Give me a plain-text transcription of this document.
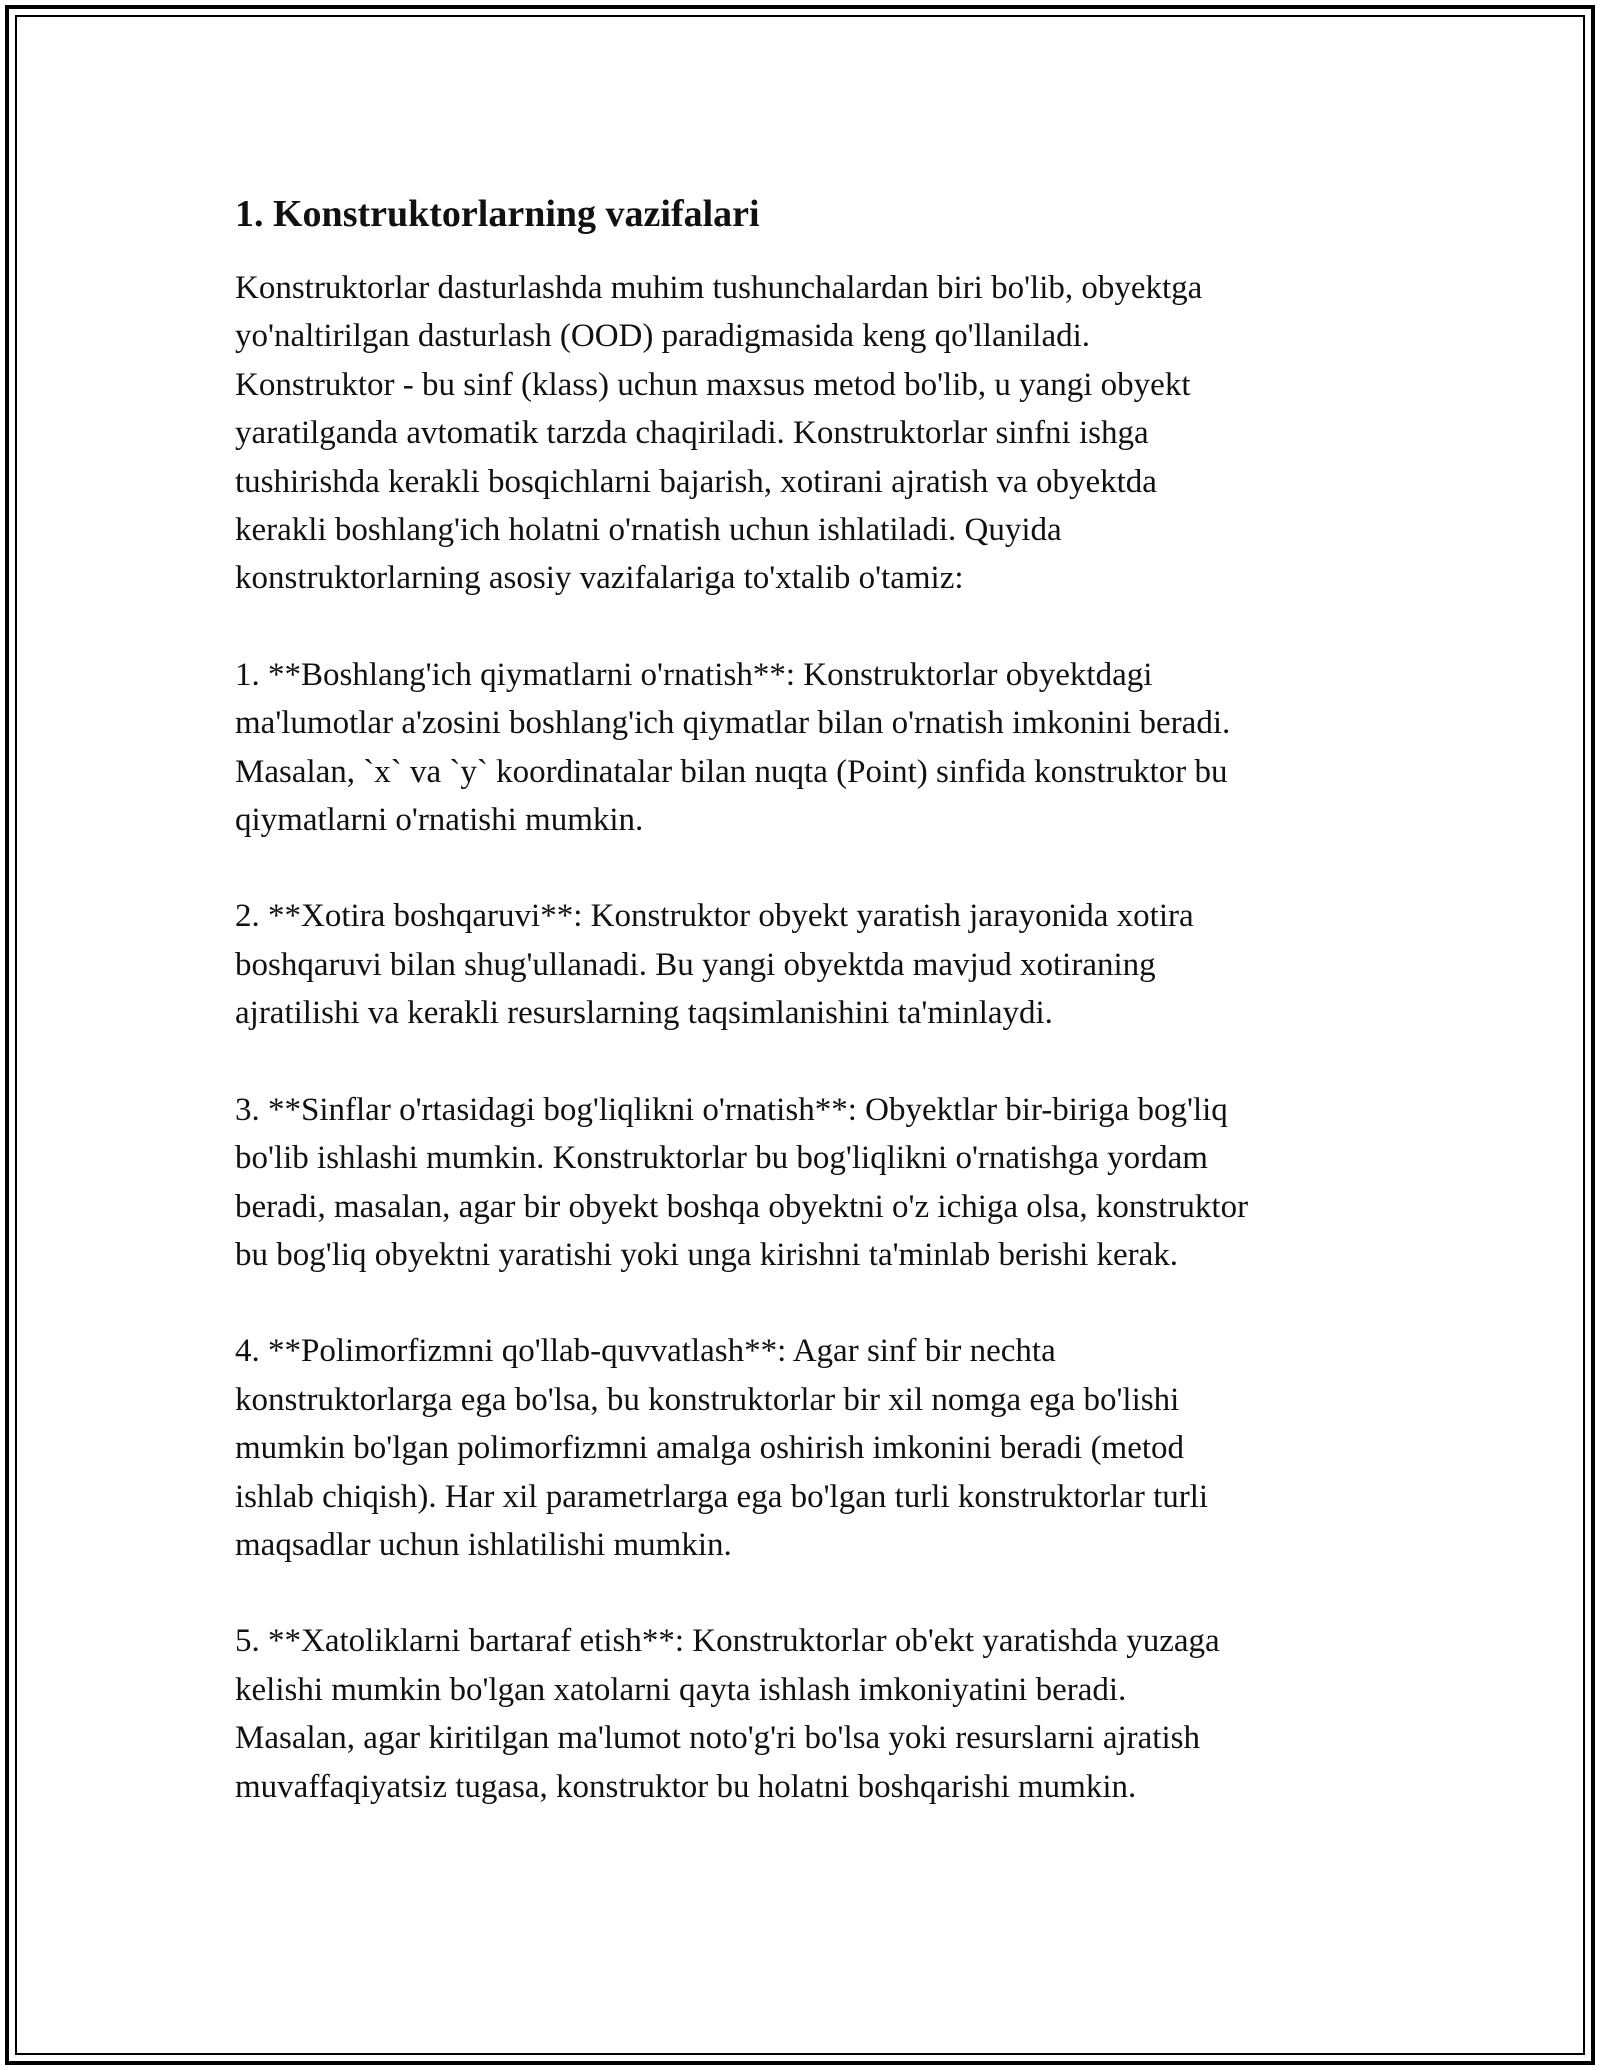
1. Konstruktorlarning vazifalari

Konstruktorlar dasturlashda muhim tushunchalardan biri bo'lib, obyektga
yo'naltirilgan dasturlash (OOD) paradigmasida keng qo'llaniladi.
Konstruktor - bu sinf (klass) uchun maxsus metod bo'lib, u yangi obyekt
yaratilganda avtomatik tarzda chaqiriladi. Konstruktorlar sinfni ishga
tushirishda kerakli bosqichlarni bajarish, xotirani ajratish va obyektda
kerakli boshlang'ich holatni o'rnatish uchun ishlatiladi. Quyida
konstruktorlarning asosiy vazifalariga to'xtalib o'tamiz:

1. **Boshlang'ich qiymatlarni o'rnatish**: Konstruktorlar obyektdagi
ma'lumotlar a'zosini boshlang'ich qiymatlar bilan o'rnatish imkonini beradi.
Masalan, `x` va `y` koordinatalar bilan nuqta (Point) sinfida konstruktor bu
qiymatlarni o'rnatishi mumkin.

2. **Xotira boshqaruvi**: Konstruktor obyekt yaratish jarayonida xotira
boshqaruvi bilan shug'ullanadi. Bu yangi obyektda mavjud xotiraning
ajratilishi va kerakli resurslarning taqsimlanishini ta'minlaydi.

3. **Sinflar o'rtasidagi bog'liqlikni o'rnatish**: Obyektlar bir-biriga bog'liq
bo'lib ishlashi mumkin. Konstruktorlar bu bog'liqlikni o'rnatishga yordam
beradi, masalan, agar bir obyekt boshqa obyektni o'z ichiga olsa, konstruktor
bu bog'liq obyektni yaratishi yoki unga kirishni ta'minlab berishi kerak.

4. **Polimorfizmni qo'llab-quvvatlash**: Agar sinf bir nechta
konstruktorlarga ega bo'lsa, bu konstruktorlar bir xil nomga ega bo'lishi
mumkin bo'lgan polimorfizmni amalga oshirish imkonini beradi (metod
ishlab chiqish). Har xil parametrlarga ega bo'lgan turli konstruktorlar turli
maqsadlar uchun ishlatilishi mumkin.

5. **Xatoliklarni bartaraf etish**: Konstruktorlar ob'ekt yaratishda yuzaga
kelishi mumkin bo'lgan xatolarni qayta ishlash imkoniyatini beradi.
Masalan, agar kiritilgan ma'lumot noto'g'ri bo'lsa yoki resurslarni ajratish
muvaffaqiyatsiz tugasa, konstruktor bu holatni boshqarishi mumkin.
